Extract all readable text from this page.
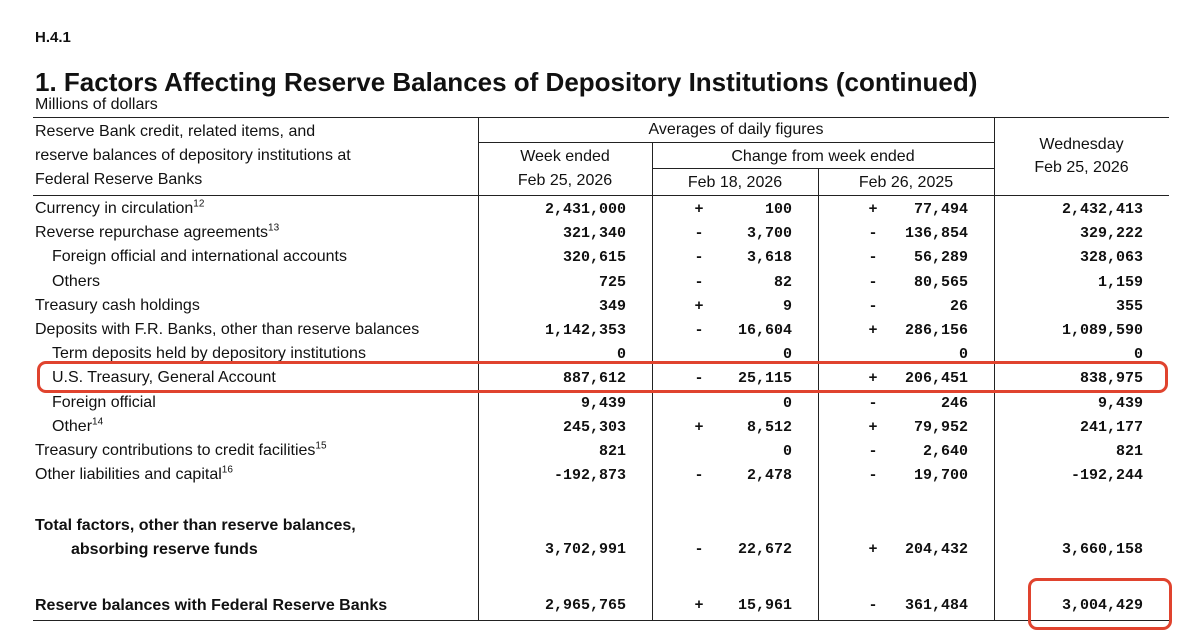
H.4.1
1. Factors Affecting Reserve Balances of Depository Institutions (continued)
Millions of dollars
Reserve Bank credit, related items, and
reserve balances of depository institutions at
Federal Reserve Banks
Averages of daily figures
Week ended
Feb 25, 2026
Change from week ended
Feb 18, 2026	Feb 26, 2025
Wednesday
Feb 25, 2026
Currency in circulation$^{12}$	2,431,000	+	100	+	77,494	2,432,413
Reverse repurchase agreements$^{13}$	321,340	-	3,700	-	136,854	329,222
Foreign official and international accounts	320,615	-	3,618	-	56,289	328,063
Others	725	-	82	-	80,565	1,159
Treasury cash holdings	349	+	9	-	26	355
Deposits with F.R. Banks, other than reserve balances	1,142,353	-	16,604	+	286,156	1,089,590
Term deposits held by depository institutions	0	0	0	0
U.S. Treasury, General Account	887,612	-	25,115	+	206,451	838,975
Foreign official	9,439	0	-	246	9,439
Other$^{14}$	245,303	+	8,512	+	79,952	241,177
Treasury contributions to credit facilities$^{15}$	821	0	-	2,640	821
Other liabilities and capital$^{16}$	-192,873	-	2,478	-	19,700	-192,244
Total factors, other than reserve balances,
absorbing reserve funds	3,702,991	-	22,672	+	204,432	3,660,158
Reserve balances with Federal Reserve Banks	2,965,765	+	15,961	-	361,484	3,004,429
